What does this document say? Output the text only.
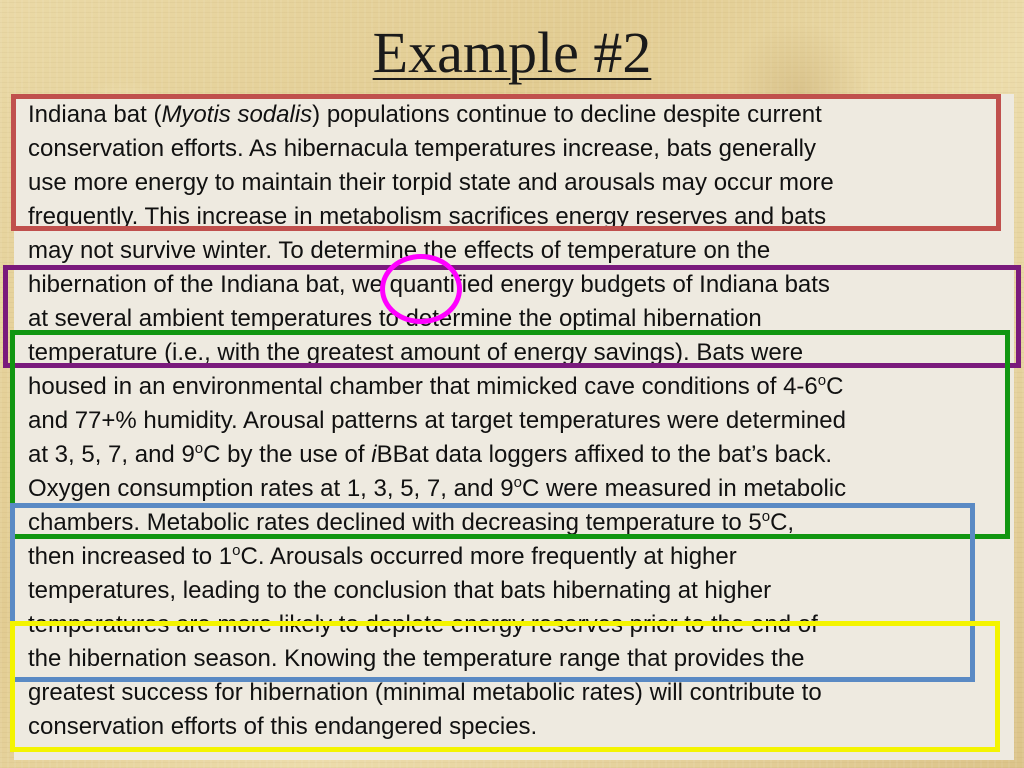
Example #2
Indiana bat (Myotis sodalis) populations continue to decline despite current
conservation efforts. As hibernacula temperatures increase, bats generally
use more energy to maintain their torpid state and arousals may occur more
frequently. This increase in metabolism sacrifices energy reserves and bats
may not survive winter. To determine the effects of temperature on the
hibernation of the Indiana bat, we quantified energy budgets of Indiana bats
at several ambient temperatures to determine the optimal hibernation
temperature (i.e., with the greatest amount of energy savings). Bats were
housed in an environmental chamber that mimicked cave conditions of 4-6$^o$C
and 77+% humidity. Arousal patterns at target temperatures were determined
at 3, 5, 7, and 9$^o$C by the use of iBBat data loggers affixed to the bat’s back.
Oxygen consumption rates at 1, 3, 5, 7, and 9$^o$C were measured in metabolic
chambers. Metabolic rates declined with decreasing temperature to 5$^o$C,
then increased to 1$^o$C. Arousals occurred more frequently at higher
temperatures, leading to the conclusion that bats hibernating at higher
temperatures are more likely to deplete energy reserves prior to the end of
the hibernation season. Knowing the temperature range that provides the
greatest success for hibernation (minimal metabolic rates) will contribute to
conservation efforts of this endangered species.
